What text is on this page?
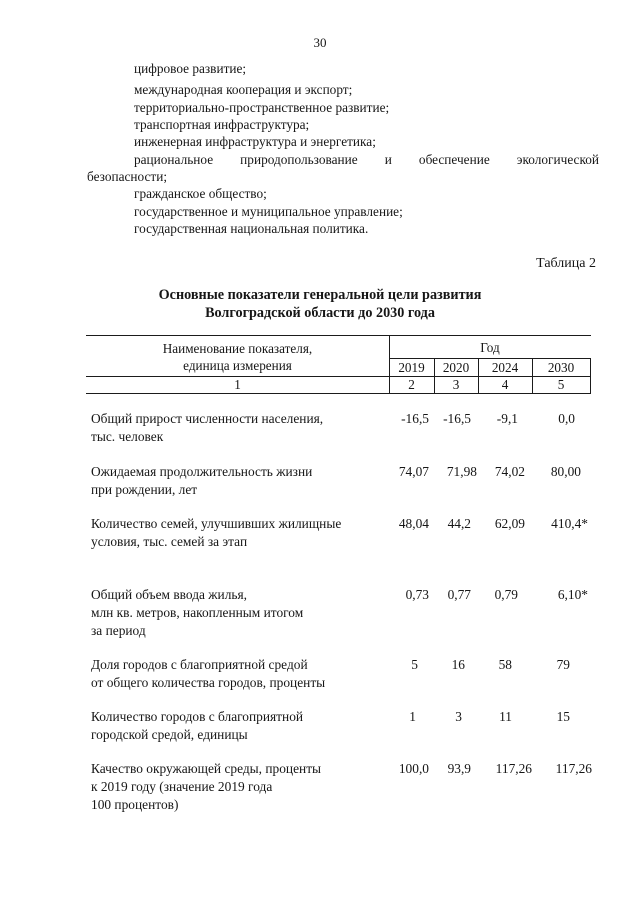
30
цифровое развитие;
международная кооперация и экспорт;
территориально-пространственное развитие;
транспортная инфраструктура;
инженерная инфраструктура и энергетика;
рациональное природопользование и обеспечение экологической
безопасности;
гражданское общество;
государственное и муниципальное управление;
государственная национальная политика.
Таблица 2
Основные показатели генеральной цели развития
Волгоградской области до 2030 года
Наименование показателя,
единица измерения
Год
2019	2020	2024	2030
1	2	3	4	5
Общий прирост численности населения,
тыс. человек
-16,5 -16,5 -9,1	0,0
Ожидаемая продолжительность жизни
при рождении, лет
74,07 71,98 74,02 80,00
Количество семей, улучшивших жилищные
условия, тыс. семей за этап
48,04 44,2 62,09 410,4*
Общий объем ввода жилья,
млн кв. метров, накопленным итогом
за период
0,73 0,77 0,79	6,10*
Доля городов с благоприятной средой
от общего количества городов, проценты
5	16	58	79
Количество городов с благоприятной
городской средой, единицы
1	3	11	15
Качество окружающей среды, проценты
к 2019 году (значение 2019 года
100 процентов)
100,0 93,9 117,26 117,26
